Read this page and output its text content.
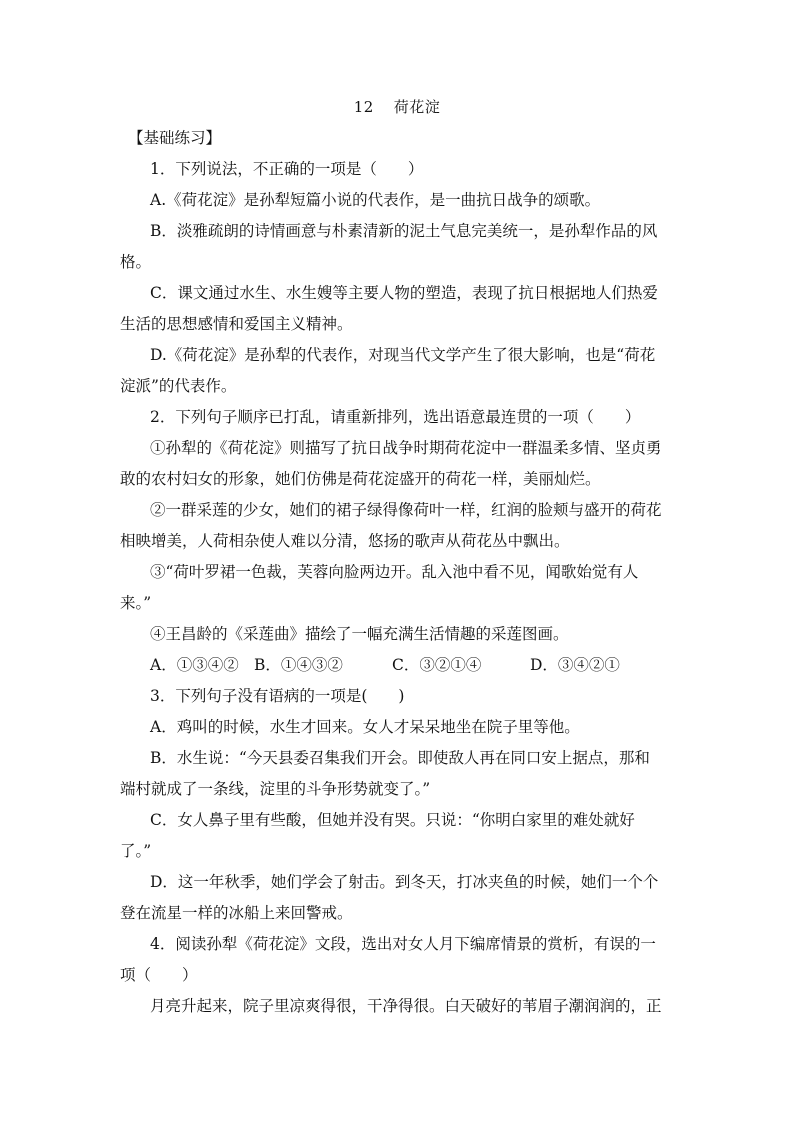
12 荷花淀
【基础练习】
1．下列说法，不正确的一项是（　　）
A.《荷花淀》是孙犁短篇小说的代表作，是一曲抗日战争的颂歌。
B．淡雅疏朗的诗情画意与朴素清新的泥土气息完美统一，是孙犁作品的风
格。
C．课文通过水生、水生嫂等主要人物的塑造，表现了抗日根据地人们热爱
生活的思想感情和爱国主义精神。
D.《荷花淀》是孙犁的代表作，对现当代文学产生了很大影响，也是“荷花
淀派”的代表作。
2．下列句子顺序已打乱，请重新排列，选出语意最连贯的一项（　　）
①孙犁的《荷花淀》则描写了抗日战争时期荷花淀中一群温柔多情、坚贞勇
敢的农村妇女的形象，她们仿佛是荷花淀盛开的荷花一样，美丽灿烂。
②一群采莲的少女，她们的裙子绿得像荷叶一样，红润的脸颊与盛开的荷花
相映增美，人荷相杂使人难以分清，悠扬的歌声从荷花丛中飘出。
③“荷叶罗裙一色裁，芙蓉向脸两边开。乱入池中看不见，闻歌始觉有人
来。”
④王昌龄的《采莲曲》描绘了一幅充满生活情趣的采莲图画。
A．①③④② B．①④③②	C．③②①④	D．③④②①
3．下列句子没有语病的一项是(　　)
A．鸡叫的时候，水生才回来。女人才呆呆地坐在院子里等他。
B．水生说：“今天县委召集我们开会。即使敌人再在同口安上据点，那和
端村就成了一条线，淀里的斗争形势就变了。”
C．女人鼻子里有些酸，但她并没有哭。只说：“你明白家里的难处就好
了。”
D．这一年秋季，她们学会了射击。到冬天，打冰夹鱼的时候，她们一个个
登在流星一样的冰船上来回警戒。
4．阅读孙犁《荷花淀》文段，选出对女人月下编席情景的赏析，有误的一
项（　　）
月亮升起来，院子里凉爽得很，干净得很。白天破好的苇眉子潮润润的，正
